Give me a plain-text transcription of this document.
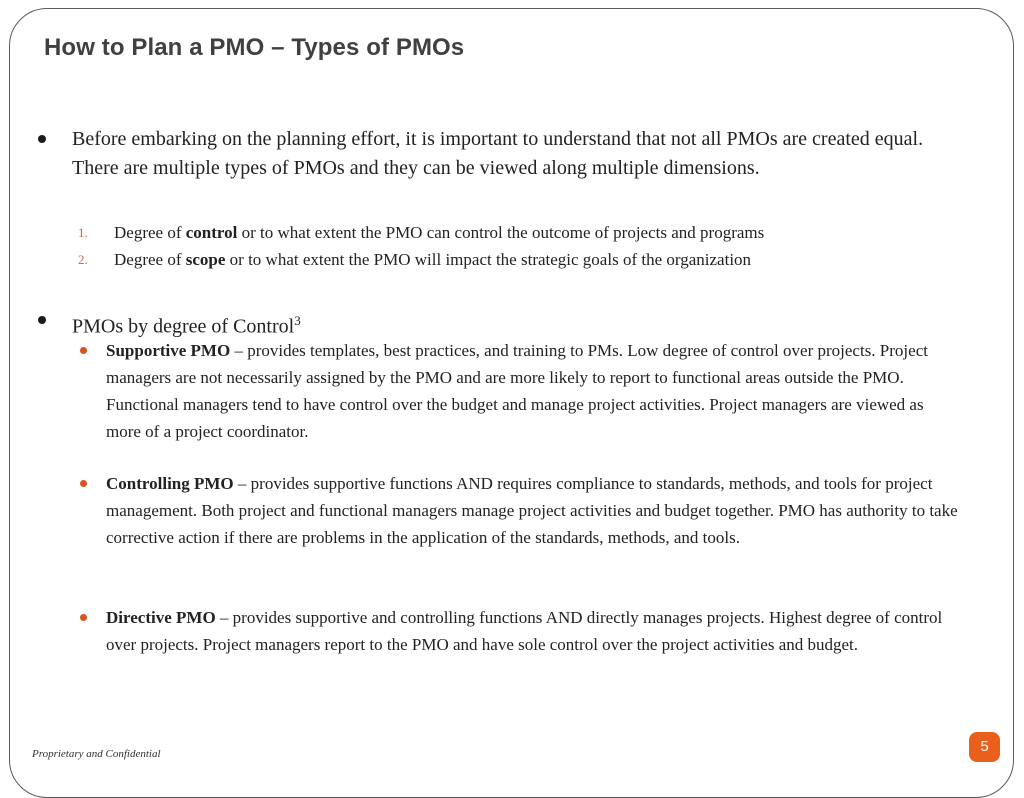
How to Plan a PMO – Types of PMOs
Before embarking on the planning effort, it is important to understand that not all PMOs are created equal. There are multiple types of PMOs and they can be viewed along multiple dimensions.
1. Degree of control or to what extent the PMO can control the outcome of projects and programs
2. Degree of scope or to what extent the PMO will impact the strategic goals of the organization
PMOs by degree of Control$^3$
Supportive PMO – provides templates, best practices, and training to PMs. Low degree of control over projects. Project managers are not necessarily assigned by the PMO and are more likely to report to functional areas outside the PMO. Functional managers tend to have control over the budget and manage project activities. Project managers are viewed as more of a project coordinator.
Controlling PMO – provides supportive functions AND requires compliance to standards, methods, and tools for project management. Both project and functional managers manage project activities and budget together. PMO has authority to take corrective action if there are problems in the application of the standards, methods, and tools.
Directive PMO – provides supportive and controlling functions AND directly manages projects. Highest degree of control over projects. Project managers report to the PMO and have sole control over the project activities and budget.
Proprietary and Confidential	5
